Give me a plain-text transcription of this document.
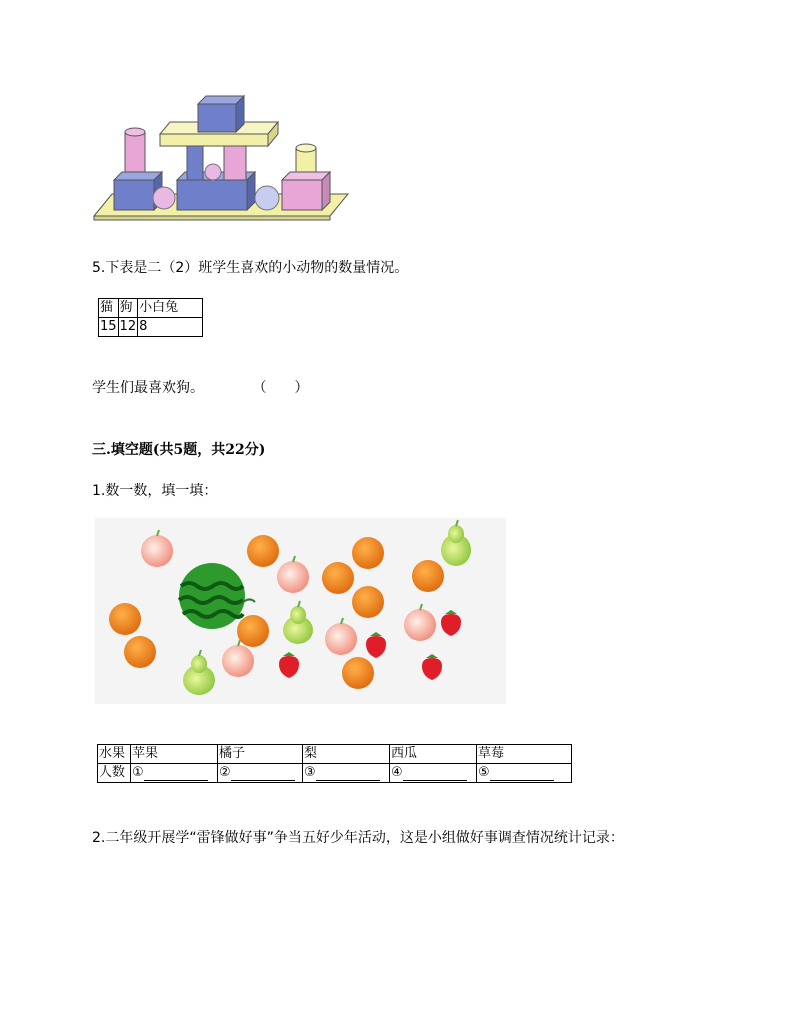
5.下表是二（2）班学生喜欢的小动物的数量情况。
猫	狗	小白兔
15	12	8
学生们最喜欢狗。	（　　）
三.填空题(共5题，共22分)
1.数一数，填一填：
水果	苹果	橘子	梨	西瓜	草莓
人数	①	②	③	④	⑤
2.二年级开展学“雷锋做好事”争当五好少年活动，这是小组做好事调查情况统计记录：
